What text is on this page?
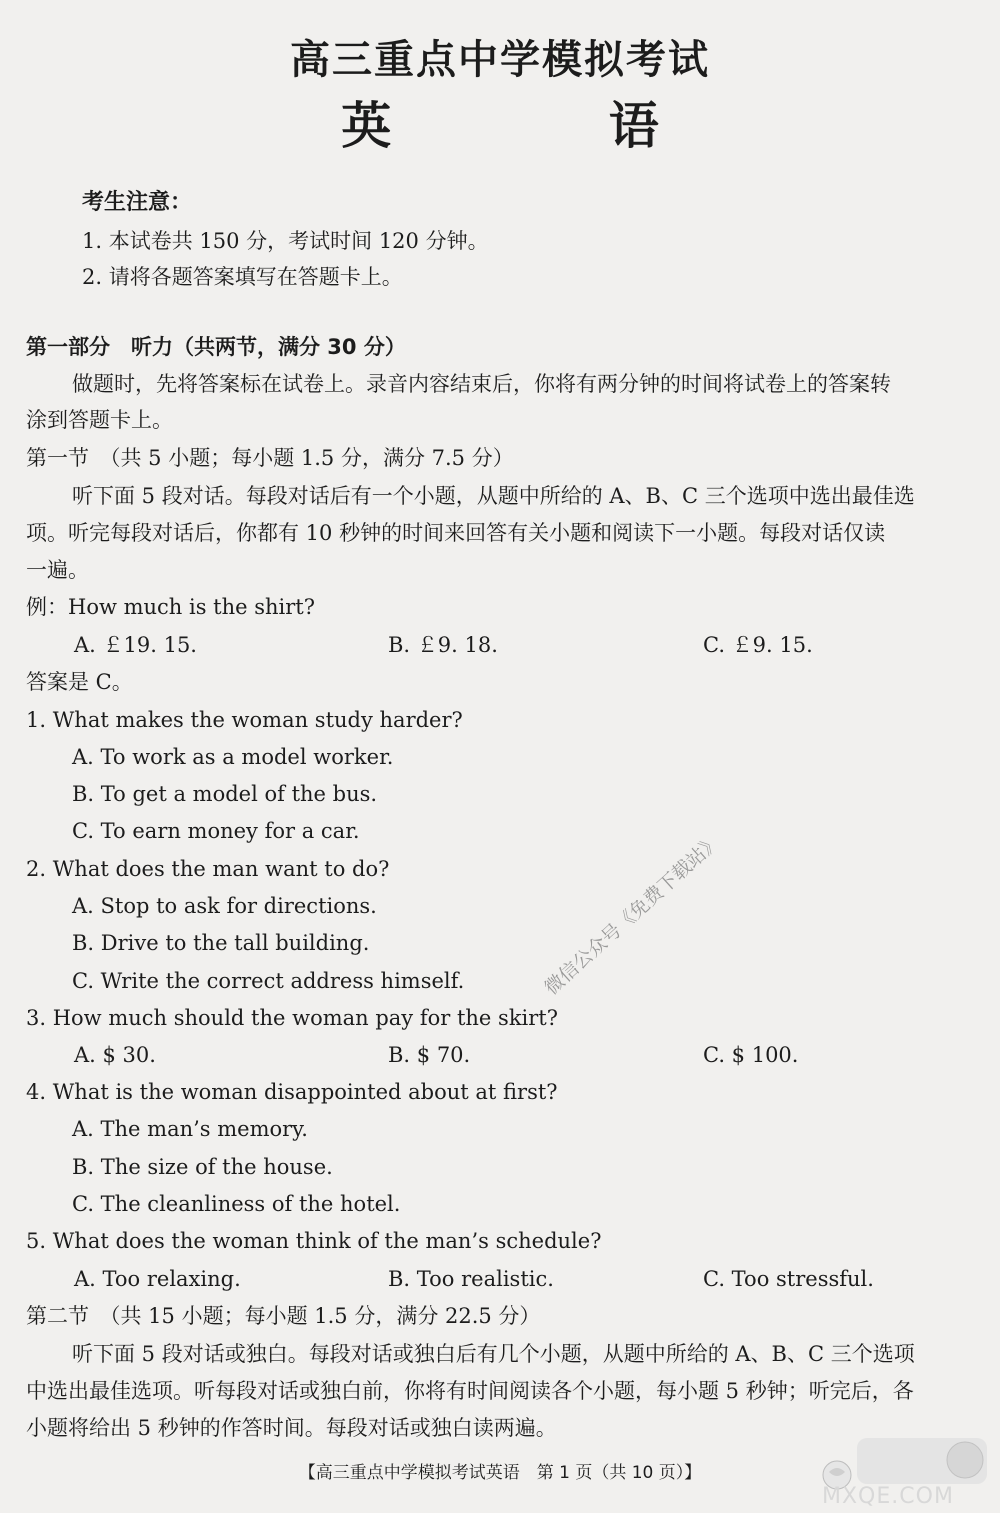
高三重点中学模拟考试
英 语
考生注意：
1. 本试卷共 150 分，考试时间 120 分钟。
2. 请将各题答案填写在答题卡上。
第一部分　听力（共两节，满分 30 分）
做题时，先将答案标在试卷上。录音内容结束后，你将有两分钟的时间将试卷上的答案转
涂到答题卡上。
第一节　（共 5 小题；每小题 1.5 分，满分 7.5 分）
听下面 5 段对话。每段对话后有一个小题，从题中所给的 A、B、C 三个选项中选出最佳选
项。听完每段对话后，你都有 10 秒钟的时间来回答有关小题和阅读下一小题。每段对话仅读
一遍。
例：How much is the shirt?
A. ￡19. 15.	B. ￡9. 18.	C. ￡9. 15.
答案是 C。
1. What makes the woman study harder?
A. To work as a model worker.
B. To get a model of the bus.
C. To earn money for a car.
2. What does the man want to do?
A. Stop to ask for directions.
B. Drive to the tall building.
C. Write the correct address himself.
3. How much should the woman pay for the skirt?
A. $ 30.	B. $ 70.	C. $ 100.
4. What is the woman disappointed about at first?
A. The man’s memory.
B. The size of the house.
C. The cleanliness of the hotel.
5. What does the woman think of the man’s schedule?
A. Too relaxing.	B. Too realistic.	C. Too stressful.
第二节　（共 15 小题；每小题 1.5 分，满分 22.5 分）
听下面 5 段对话或独白。每段对话或独白后有几个小题，从题中所给的 A、B、C 三个选项
中选出最佳选项。听每段对话或独白前，你将有时间阅读各个小题，每小题 5 秒钟；听完后，各
小题将给出 5 秒钟的作答时间。每段对话或独白读两遍。
【高三重点中学模拟考试英语　第 1 页（共 10 页）】
微信公众号《免费下载站》
MXQE.COM
